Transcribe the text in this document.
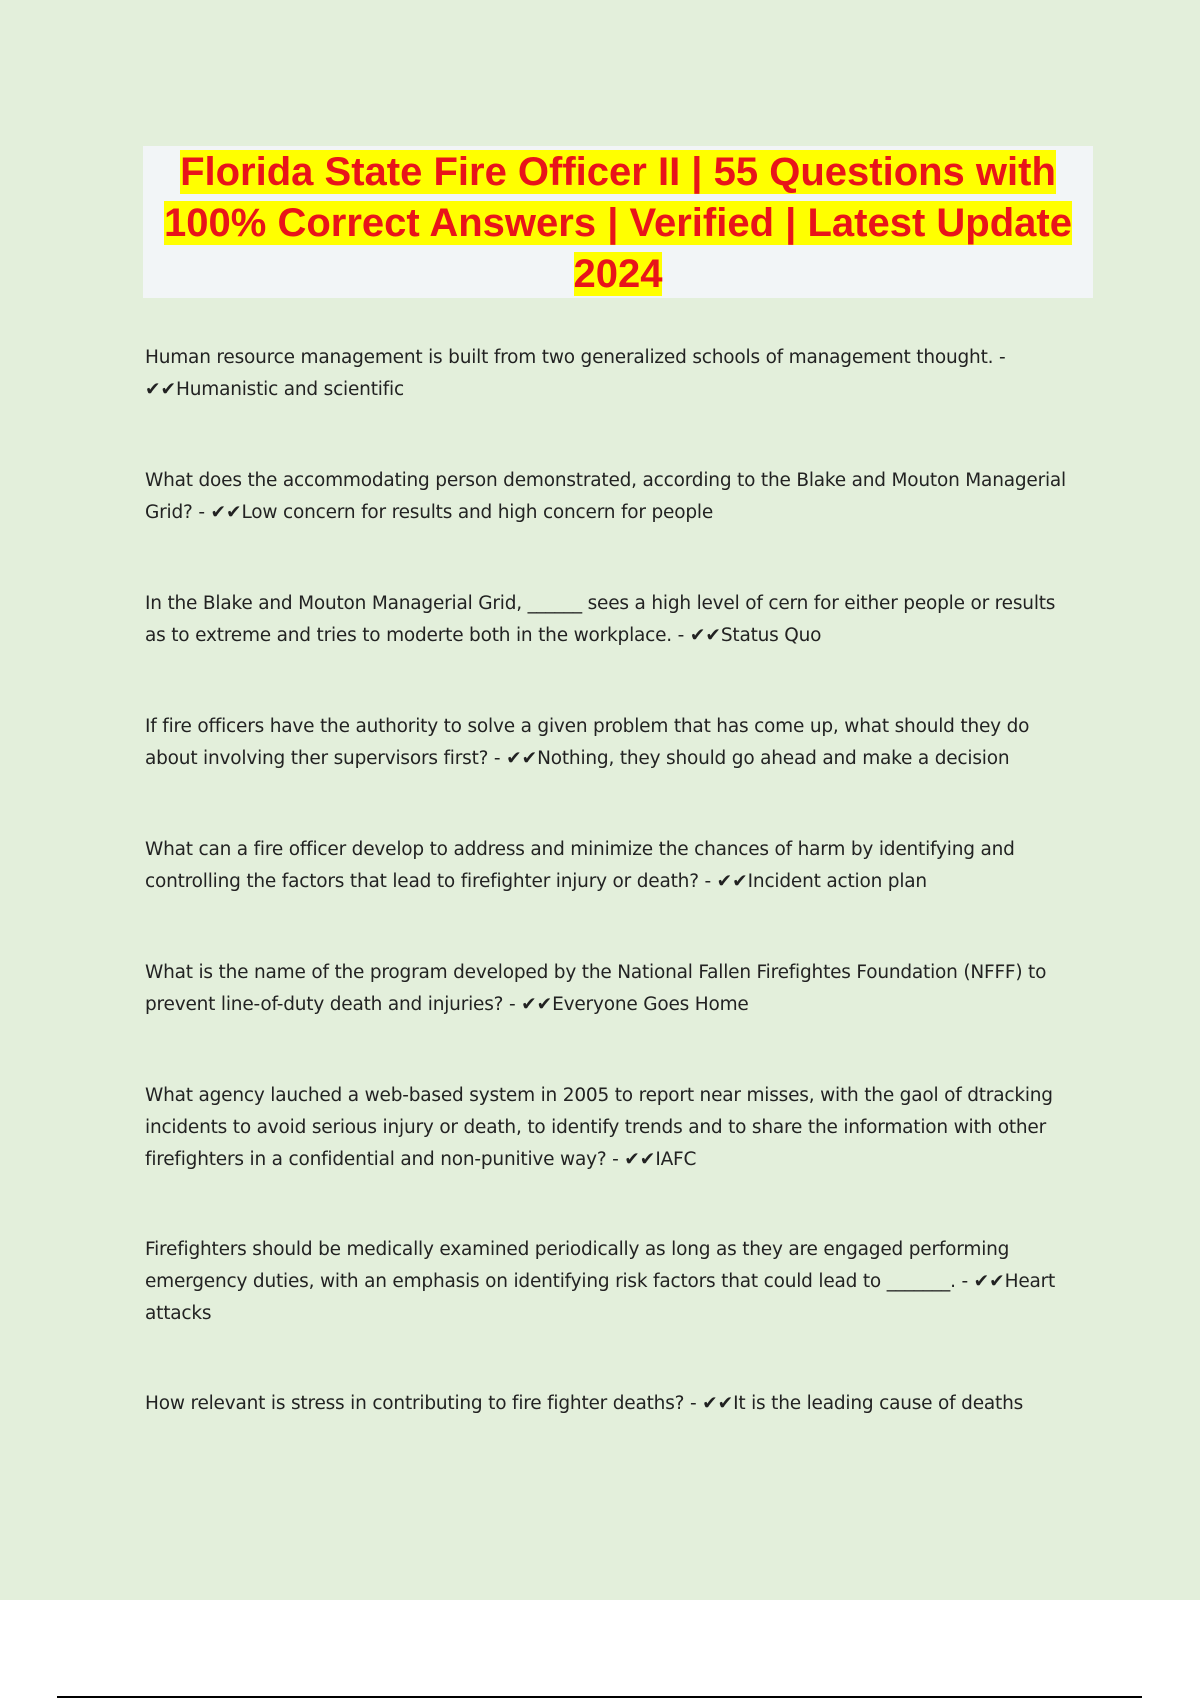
Florida State Fire Officer II | 55 Questions with 100% Correct Answers | Verified | Latest Update 2024

Human resource management is built from two generalized schools of management thought. - ✔✔Humanistic and scientific

What does the accommodating person demonstrated, according to the Blake and Mouton Managerial Grid? - ✔✔Low concern for results and high concern for people

In the Blake and Mouton Managerial Grid, ______ sees a high level of cern for either people or results as to extreme and tries to moderte both in the workplace. - ✔✔Status Quo

If fire officers have the authority to solve a given problem that has come up, what should they do about involving ther supervisors first? - ✔✔Nothing, they should go ahead and make a decision

What can a fire officer develop to address and minimize the chances of harm by identifying and controlling the factors that lead to firefighter injury or death? - ✔✔Incident action plan

What is the name of the program developed by the National Fallen Firefightes Foundation (NFFF) to prevent line-of-duty death and injuries? - ✔✔Everyone Goes Home

What agency lauched a web-based system in 2005 to report near misses, with the gaol of dtracking incidents to avoid serious injury or death, to identify trends and to share the information with other firefighters in a confidential and non-punitive way? - ✔✔IAFC

Firefighters should be medically examined periodically as long as they are engaged performing emergency duties, with an emphasis on identifying risk factors that could lead to _______. - ✔✔Heart attacks

How relevant is stress in contributing to fire fighter deaths? - ✔✔It is the leading cause of deaths
